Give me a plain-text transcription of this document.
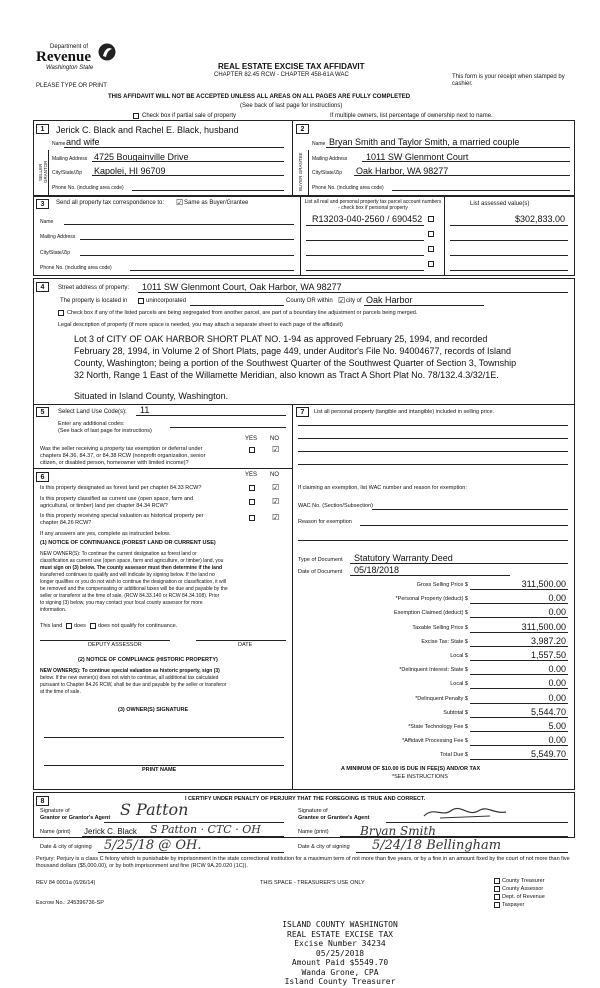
Department of
Revenue
Washington State
PLEASE TYPE OR PRINT
REAL ESTATE EXCISE TAX AFFIDAVIT
CHAPTER 82.45 RCW - CHAPTER 458-61A WAC	This form is your receipt when stamped by cashier.
THIS AFFIDAVIT WILL NOT BE ACCEPTED UNLESS ALL AREAS ON ALL PAGES ARE FULLY COMPLETED
(See back of last page for instructions)
Check box if partial sale of property	If multiple owners, list percentage of ownership next to name.
1
SELLER GRANTOR
Jerick C. Black and Rachel E. Black, husband
Name and wife
Mailing Address 4725 Bougainville Drive
City/State/Zip Kapolei, HI 96709
Phone No. (including area code)
2
BUYER GRANTEE
Name Bryan Smith and Taylor Smith, a married couple
Mailing Address 1011 SW Glenmont Court
City/State/Zip Oak Harbor, WA 98277
Phone No. (including area code)
3	Send all property tax correspondence to: ☑ Same as Buyer/Grantee
Name
Mailing Address
City/State/Zip
Phone No. (including area code)
List all real and personal property tax parcel account numbers - check box if personal property
List assessed value(s)
R13203-040-2560 / 690452	$302,833.00
4	Street address of property: 1011 SW Glenmont Court, Oak Harbor, WA 98277
The property is located in	unincorporated	County OR within ☑ city of Oak Harbor
Check box if any of the listed parcels are being segregated from another parcel, are part of a boundary line adjustment or parcels being merged.
Legal description of property (if more space is needed, you may attach a separate sheet to each page of the affidavit)
Lot 3 of CITY OF OAK HARBOR SHORT PLAT NO. 1-94 as approved February 25, 1994, and recorded
February 28, 1994, in Volume 2 of Short Plats, page 449, under Auditor's File No. 94004677, records of Island
County, Washington; being a portion of the Southwest Quarter of the Southwest Quarter of Section 3, Township
32 North, Range 1 East of the Willamette Meridian, also known as Tract A Short Plat No. 78/132.4.3/32/1E.
Situated in Island County, Washington.
5	Select Land Use Code(s): 11
Enter any additional codes:
(See back of last page for instructions)
YES NO
Was the seller receiving a property tax exemption or deferral under
chapters 84.36, 84.37, or 84.38 RCW (nonprofit organization, senior
citizen, or disabled person, homeowner with limited income)?
☑
6	YES NO
Is this property designated as forest land per chapter 84.33 RCW?	☑
Is this property classified as current use (open space, farm and
agricultural, or timber) land per chapter 84.34 RCW?	☑
Is this property receiving special valuation as historical property per
chapter 84.26 RCW?
☑
If any answers are yes, complete as instructed below.
(1) NOTICE OF CONTINUANCE (FOREST LAND OR CURRENT USE)
NEW OWNER(S): To continue the current designation as forest land or
classification as current use (open space, farm and agriculture, or timber) land, you
must sign on (3) below. The county assessor must then determine if the land
transferred continues to qualify and will indicate by signing below. If the land no
longer qualifies or you do not wish to continue the designation or classification, it will
be removed and the compensating or additional taxes will be due and payable by the
seller or transferor at the time of sale. (RCW 84.33.140 or RCW 84.34.108). Prior
to signing (3) below, you may contact your local county assessor for more
information.
This land does does not qualify for continuance.
DEPUTY ASSESSOR	DATE
(2) NOTICE OF COMPLIANCE (HISTORIC PROPERTY)
NEW OWNER(S): To continue special valuation as historic property, sign (3)
below. If the new owner(s) does not wish to continue, all additional tax calculated
pursuant to Chapter 84.26 RCW, shall be due and payable by the seller or transferor
at the time of sale.
(3) OWNER(S) SIGNATURE
PRINT NAME
7	List all personal property (tangible and intangible) included in selling price.
If claiming an exemption, list WAC number and reason for exemption:
WAC No. (Section/Subsection)
Reason for exemption
Type of Document Statutory Warranty Deed
Date of Document 05/18/2018
Gross Selling Price $	311,500.00
*Personal Property (deduct) $	0.00
Exemption Claimed (deduct) $	0.00
Taxable Selling Price $	311,500.00
Excise Tax: State $	3,987.20
Local $	1,557.50
*Delinquent Interest: State $	0.00
Local $	0.00
*Delinquent Penalty $	0.00
Subtotal $	5,544.70
*State Technology Fee $	5.00
*Affidavit Processing Fee $	0.00
Total Due $	5,549.70
A MINIMUM OF $10.00 IS DUE IN FEE(S) AND/OR TAX
*SEE INSTRUCTIONS
8	I CERTIFY UNDER PENALTY OF PERJURY THAT THE FOREGOING IS TRUE AND CORRECT.
Signature of
Grantor or Grantor's Agent S Patton
Name (print) Jerick C. Black S Patton · CTC · OH
Signature of
Grantee or Grantee's Agent
Name (print)	Bryan Smith
Date & city of signing 5/25/18 @ OH.	Date & city of signing 5/24/18 Bellingham
Perjury: Perjury is a class C felony which is punishable by imprisonment in the state correctional institution for a maximum term of not more than five years, or by a fine in an amount fixed by the court of not more than five thousand dollars ($5,000.00), or by both imprisonment and fine (RCW 9A.20.020 (1C)).
REV 84 0001a (6/26/14)	THIS SPACE - TREASURER'S USE ONLY
Escrow No.: 245396736-SP
County Treasurer
County Assessor
Dept. of Revenue
Taxpayer
ISLAND COUNTY WASHINGTON
REAL ESTATE EXCISE TAX
Excise Number 34234
05/25/2018
Amount Paid $5549.70
Wanda Grone, CPA
Island County Treasurer
